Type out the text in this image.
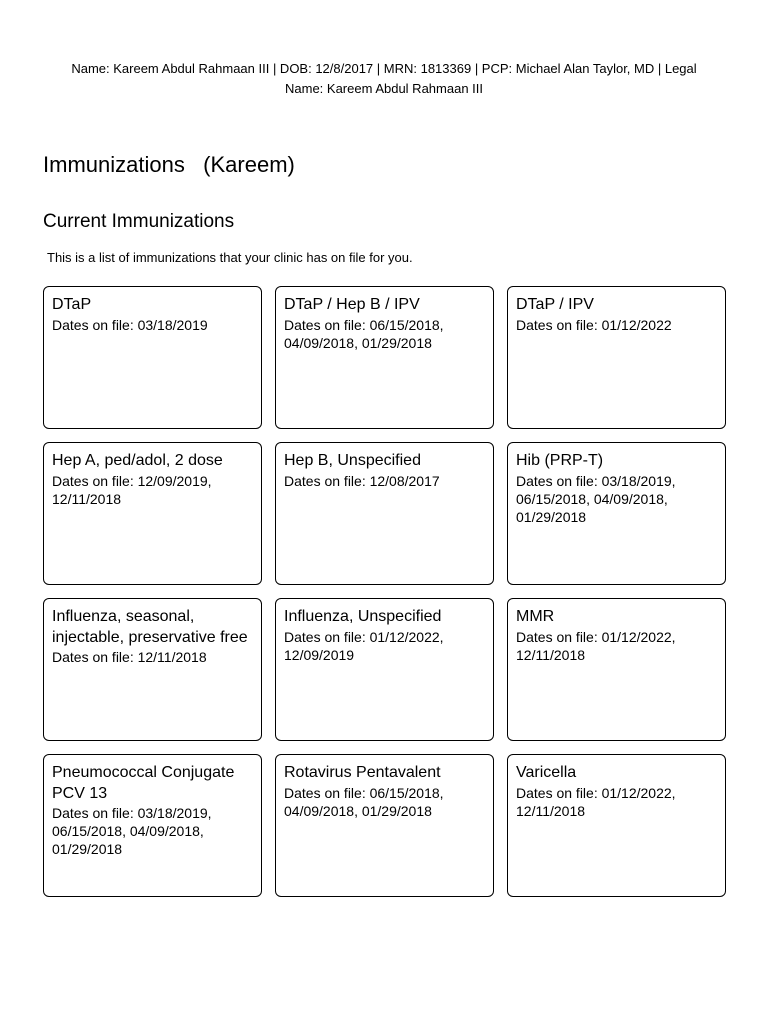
Name: Kareem Abdul Rahmaan III | DOB: 12/8/2017 | MRN: 1813369 | PCP: Michael Alan Taylor, MD | Legal
Name: Kareem Abdul Rahmaan III
Immunizations   (Kareem)
Current Immunizations

This is a list of immunizations that your clinic has on file for you.

DTaP
Dates on file: 03/18/2019
DTaP / Hep B / IPV
Dates on file: 06/15/2018, 04/09/2018, 01/29/2018
DTaP / IPV
Dates on file: 01/12/2022
Hep A, ped/adol, 2 dose
Dates on file: 12/09/2019, 12/11/2018
Hep B, Unspecified
Dates on file: 12/08/2017
Hib (PRP-T)
Dates on file: 03/18/2019, 06/15/2018, 04/09/2018, 01/29/2018
Influenza, seasonal, injectable, preservative free
Dates on file: 12/11/2018
Influenza, Unspecified
Dates on file: 01/12/2022, 12/09/2019
MMR
Dates on file: 01/12/2022, 12/11/2018
Pneumococcal Conjugate PCV 13
Dates on file: 03/18/2019, 06/15/2018, 04/09/2018, 01/29/2018
Rotavirus Pentavalent
Dates on file: 06/15/2018, 04/09/2018, 01/29/2018
Varicella
Dates on file: 01/12/2022, 12/11/2018
